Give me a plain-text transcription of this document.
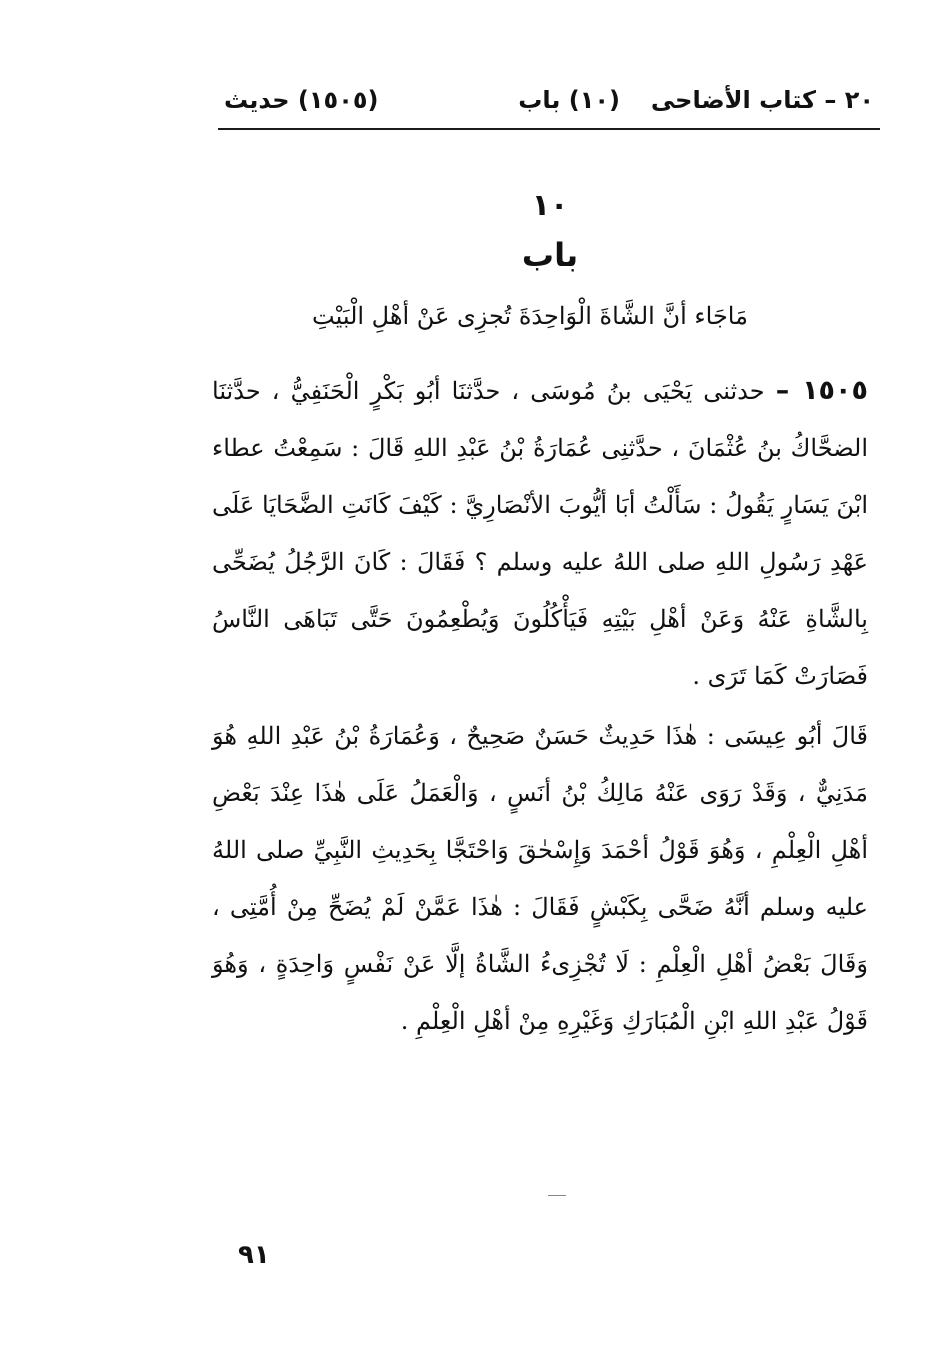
٢٠ – كتاب الأضاحى
(١٠) باب
(١٥٠٥) حديث
١٠
باب
مَاجَاء أنَّ الشَّاةَ الْوَاحِدَةَ تُجزِى عَنْ أهْلِ الْبَيْتِ
١٥٠٥ – حدثنى يَحْيَى بنُ مُوسَى ، حدَّثنَا أبُو بَكْرٍ الْحَنَفِيُّ ، حدَّثنَا الضحَّاكُ بنُ عُثْمَانَ ، حدَّثنِى عُمَارَةُ بْنُ عَبْدِ اللهِ قَالَ : سَمِعْتُ عطاء ابْنَ يَسَارٍ يَقُولُ : سَأَلْتُ أبَا أيُّوبَ الأنْصَارِيَّ : كَيْفَ كَانَتِ الضَّحَايَا عَلَى عَهْدِ رَسُولِ اللهِ صلى اللهُ عليه وسلم ؟ فَقَالَ : كَانَ الرَّجُلُ يُضَحِّى بِالشَّاةِ عَنْهُ وَعَنْ أهْلِ بَيْتِهِ فَيَأْكُلُونَ وَيُطْعِمُونَ حَتَّى تَبَاهَى النَّاسُ فَصَارَتْ كَمَا تَرَى .
قَالَ أبُو عِيسَى : هٰذَا حَدِيثٌ حَسَنٌ صَحِيحٌ ، وَعُمَارَةُ بْنُ عَبْدِ اللهِ هُوَ مَدَنِيٌّ ، وَقَدْ رَوَى عَنْهُ مَالِكُ بْنُ أنَسٍ ، وَالْعَمَلُ عَلَى هٰذَا عِنْدَ بَعْضِ أهْلِ الْعِلْمِ ، وَهُوَ قَوْلُ أحْمَدَ وَإِسْحٰقَ وَاحْتَجَّا بِحَدِيثِ النَّبِيِّ صلى اللهُ عليه وسلم أنَّهُ ضَحَّى بِكَبْشٍ فَقَالَ : هٰذَا عَمَّنْ لَمْ يُضَحِّ مِنْ أُمَّتِى ، وَقَالَ بَعْضُ أهْلِ الْعِلْمِ : لَا تُجْزِىءُ الشَّاةُ إلَّا عَنْ نَفْسٍ وَاحِدَةٍ ، وَهُوَ قَوْلُ عَبْدِ اللهِ ابْنِ الْمُبَارَكِ وَغَيْرِهِ مِنْ أهْلِ الْعِلْمِ .
٩١
